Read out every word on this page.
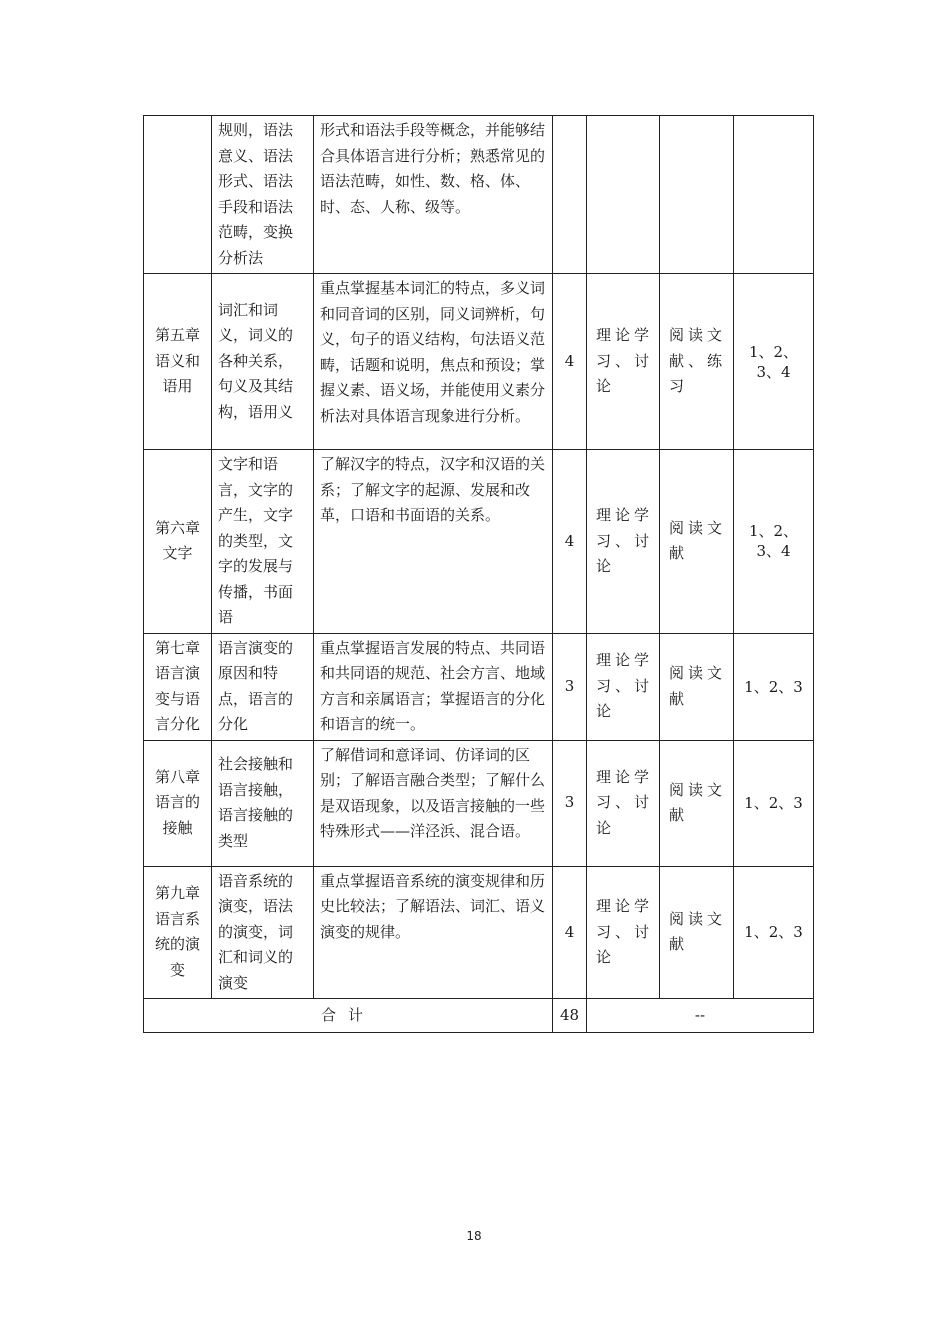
	规则，语法意义、语法形式、语法手段和语法范畴，变换分析法	形式和语法手段等概念，并能够结合具体语言进行分析；熟悉常见的语法范畴，如性、数、格、体、时、态、人称、级等。				
第五章语义和语用	词汇和词义，词义的各种关系，句义及其结构，语用义	重点掌握基本词汇的特点，多义词和同音词的区别，同义词辨析，句义，句子的语义结构，句法语义范畴，话题和说明，焦点和预设；掌握义素、语义场，并能使用义素分析法对具体语言现象进行分析。	4	理论学习、讨论	阅读文献、练习	1、2、3、4
第六章文字	文字和语言，文字的产生，文字的类型，文字的发展与传播，书面语	了解汉字的特点，汉字和汉语的关系；了解文字的起源、发展和改革，口语和书面语的关系。	4	理论学习、讨论	阅读文献	1、2、3、4
第七章语言演变与语言分化	语言演变的原因和特点，语言的分化	重点掌握语言发展的特点、共同语和共同语的规范、社会方言、地域方言和亲属语言；掌握语言的分化和语言的统一。	3	理论学习、讨论	阅读文献	1、2、3
第八章语言的接触	社会接触和语言接触，语言接触的类型	了解借词和意译词、仿译词的区别；了解语言融合类型；了解什么是双语现象，以及语言接触的一些特殊形式——洋泾浜、混合语。	3	理论学习、讨论	阅读文献	1、2、3
第九章语言系统的演变	语音系统的演变，语法的演变，词汇和词义的演变	重点掌握语音系统的演变规律和历史比较法；了解语法、词汇、语义演变的规律。	4	理论学习、讨论	阅读文献	1、2、3
合计			48	--		
18
